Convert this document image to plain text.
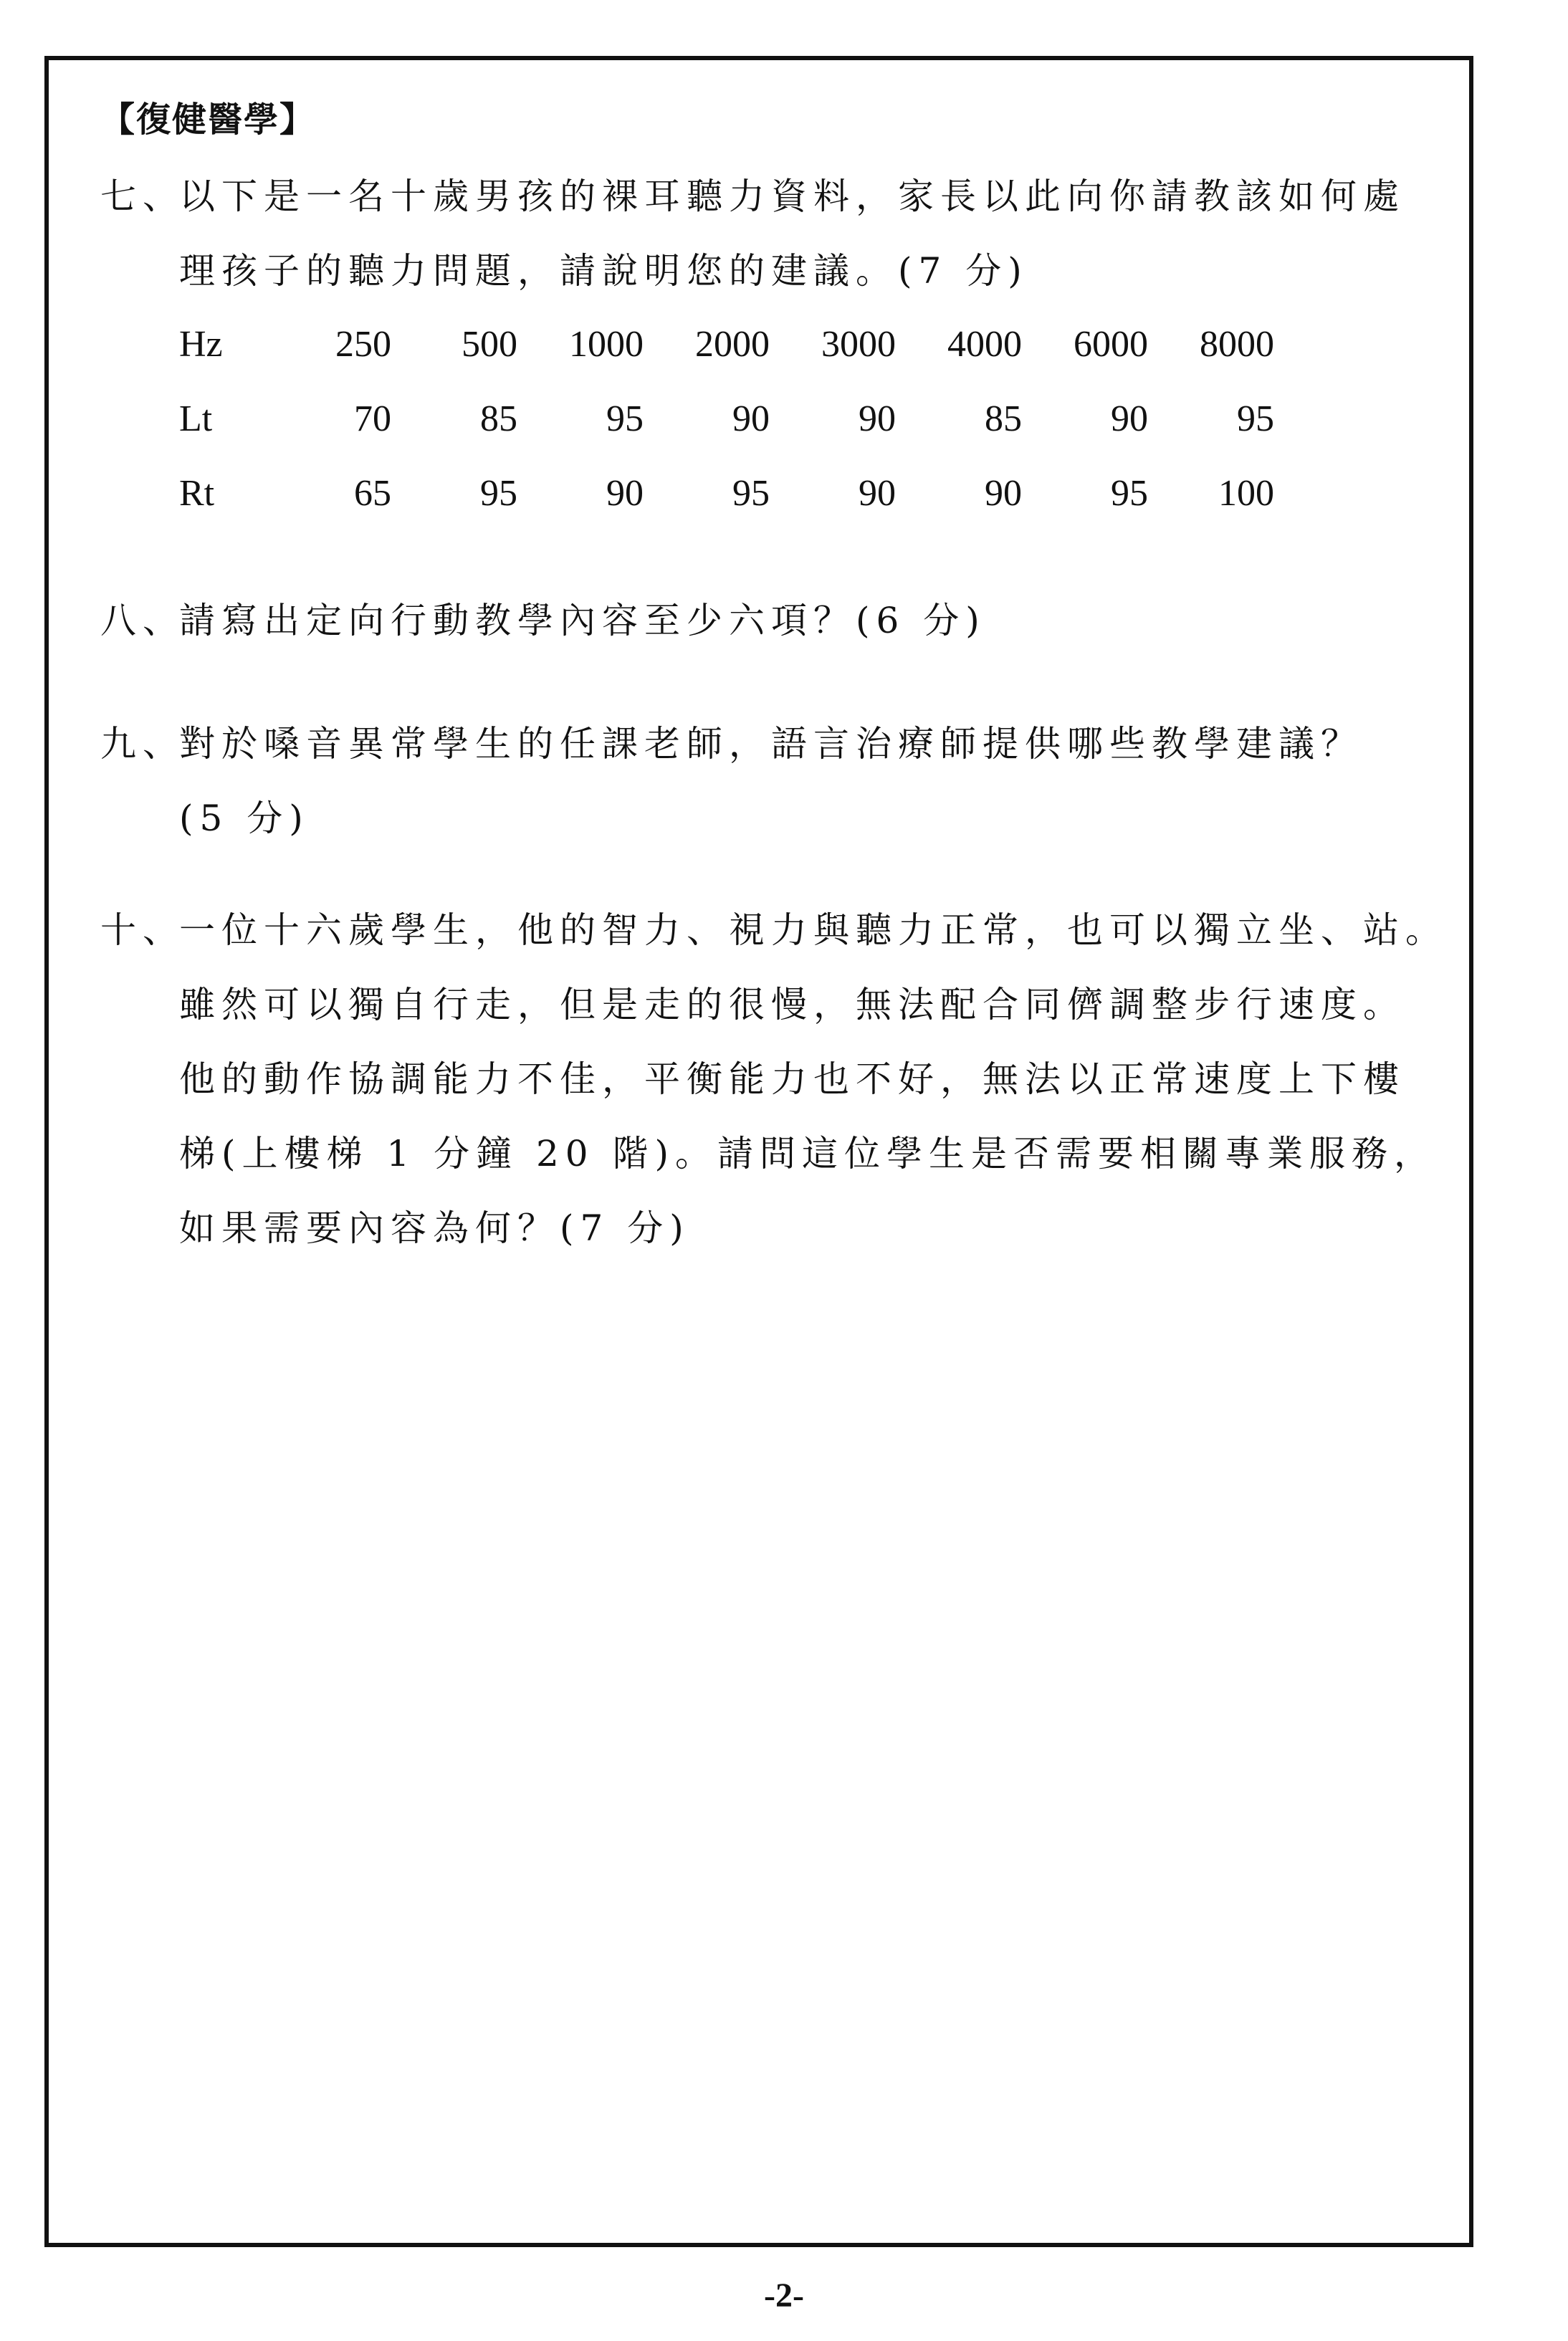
【復健醫學】
七、以下是一名十歲男孩的裸耳聽力資料，家長以此向你請教該如何處
理孩子的聽力問題，請說明您的建議。(7 分)
Hz	250	500	1000	2000	3000	4000	6000	8000
Lt	70	85	95	90	90	85	90	95
Rt	65	95	90	95	90	90	95	100
八、請寫出定向行動教學內容至少六項？(6 分)
九、對於嗓音異常學生的任課老師，語言治療師提供哪些教學建議？
(5 分)
十、一位十六歲學生，他的智力、視力與聽力正常，也可以獨立坐、站。
雖然可以獨自行走，但是走的很慢，無法配合同儕調整步行速度。
他的動作協調能力不佳，平衡能力也不好，無法以正常速度上下樓
梯(上樓梯 1 分鐘 20 階)。請問這位學生是否需要相關專業服務，
如果需要內容為何？(7 分)
-2-
